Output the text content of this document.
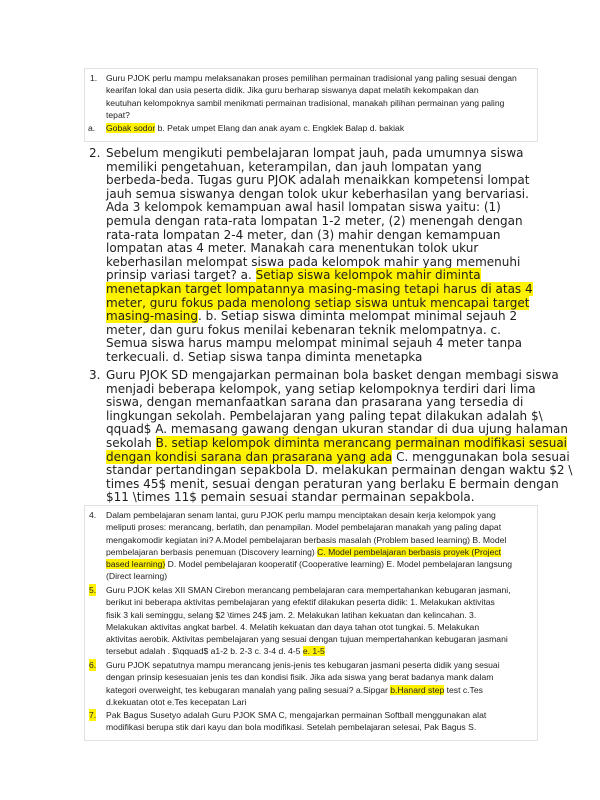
1. Guru PJOK perlu mampu melaksanakan proses pemilihan permainan tradisional yang paling sesuai dengan
kearifan lokal dan usia peserta didik. Jika guru berharap siswanya dapat melatih kekompakan dan
keutuhan kelompoknya sambil menikmati permainan tradisional, manakah pilihan permainan yang paling
tepat?
a. Gobak sodor b. Petak umpet Elang dan anak ayam c. Engklek Balap d. bakiak
2. Sebelum mengikuti pembelajaran lompat jauh, pada umumnya siswa
memiliki pengetahuan, keterampilan, dan jauh lompatan yang
berbeda-beda. Tugas guru PJOK adalah menaikkan kompetensi lompat
jauh semua siswanya dengan tolok ukur keberhasilan yang bervariasi.
Ada 3 kelompok kemampuan awal hasil lompatan siswa yaitu: (1)
pemula dengan rata-rata lompatan 1-2 meter, (2) menengah dengan
rata-rata lompatan 2-4 meter, dan (3) mahir dengan kemampuan
lompatan atas 4 meter. Manakah cara menentukan tolok ukur
keberhasilan melompat siswa pada kelompok mahir yang memenuhi
prinsip variasi target? a. Setiap siswa kelompok mahir diminta
menetapkan target lompatannya masing-masing tetapi harus di atas 4
meter, guru fokus pada menolong setiap siswa untuk mencapai target
masing-masing. b. Setiap siswa diminta melompat minimal sejauh 2
meter, dan guru fokus menilai kebenaran teknik melompatnya. c.
Semua siswa harus mampu melompat minimal sejauh 4 meter tanpa
terkecuali. d. Setiap siswa tanpa diminta menetapka
3. Guru PJOK SD mengajarkan permainan bola basket dengan membagi siswa
menjadi beberapa kelompok, yang setiap kelompoknya terdiri dari lima
siswa, dengan memanfaatkan sarana dan prasarana yang tersedia di
lingkungan sekolah. Pembelajaran yang paling tepat dilakukan adalah $\
qquad$ A. memasang gawang dengan ukuran standar di dua ujung halaman
sekolah B. setiap kelompok diminta merancang permainan modifikasi sesuai
dengan kondisi sarana dan prasarana yang ada C. menggunakan bola sesuai
standar pertandingan sepakbola D. melakukan permainan dengan waktu $2 \
times 45$ menit, sesuai dengan peraturan yang berlaku E bermain dengan
$11 \times 11$ pemain sesuai standar permainan sepakbola.
4. Dalam pembelajaran senam lantai, guru PJOK perlu mampu menciptakan desain kerja kelompok yang
meliputi proses: merancang, berlatih, dan penampilan. Model pembelajaran manakah yang paling dapat
mengakomodir kegiatan ini? A.Model pembelajaran berbasis masalah (Problem based learning) B. Model
pembelajaran berbasis penemuan (Discovery learning) C. Model pembelajaran berbasis proyek (Project
based learning) D. Model pembelajaran kooperatif (Cooperative learning) E. Model pembelajaran langsung
(Direct learning)
5. Guru PJOK kelas XII SMAN Cirebon merancang pembelajaran cara mempertahankan kebugaran jasmani,
berikut ini beberapa aktivitas pembelajaran yang efektif dilakukan peserta didik: 1. Melakukan aktivitas
fisik 3 kali seminggu, selang $2 \times 24$ jam. 2. Melakukan latihan kekuatan dan kelincahan. 3.
Melakukan aktivitas angkat barbel. 4. Melatih kekuatan dan daya tahan otot tungkai. 5. Melakukan
aktivitas aerobik. Aktivitas pembelajaran yang sesuai dengan tujuan mempertahankan kebugaran jasmani
tersebut adalah . $\qquad$ a1-2 b. 2-3 c. 3-4 d. 4-5 e. 1-5
6. Guru PJOK sepatutnya mampu merancang jenis-jenis tes kebugaran jasmani peserta didik yang sesuai
dengan prinsip kesesuaian jenis tes dan kondisi fisik. Jika ada siswa yang berat badanya mank dalam
kategori overweight, tes kebugaran manalah yang paling sesuai? a.Sipgar b.Hanard step test c.Tes
d.kekuatan otot e.Tes kecepatan Lari
7. Pak Bagus Susetyo adalah Guru PJOK SMA C, mengajarkan permainan Softball menggunakan alat
modifikasi berupa stik dari kayu dan bola modifikasi. Setelah pembelajaran selesai, Pak Bagus S.
